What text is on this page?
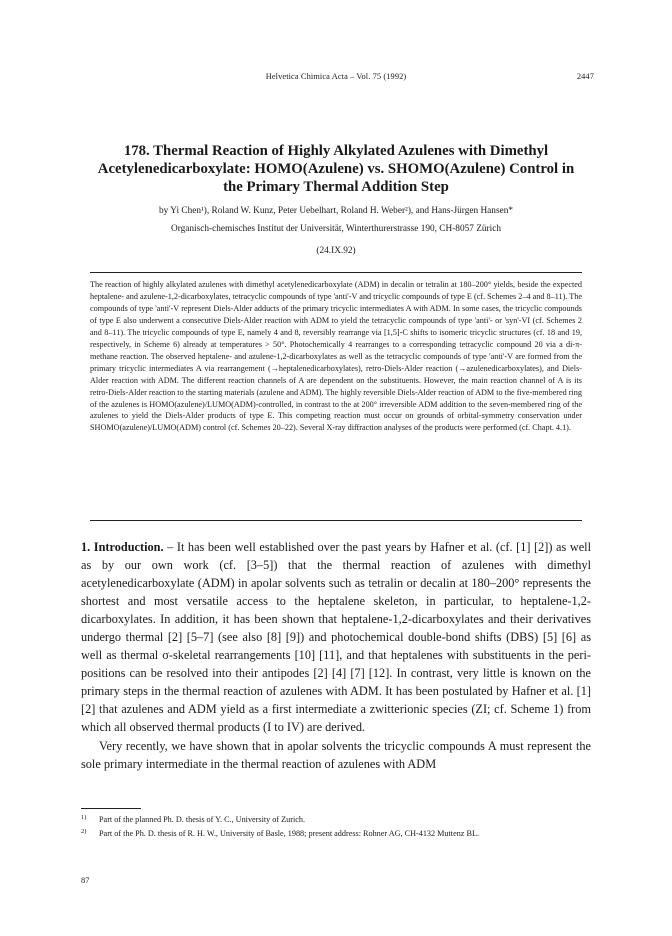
Helvetica Chimica Acta – Vol. 75 (1992)	2447
178. Thermal Reaction of Highly Alkylated Azulenes with Dimethyl
Acetylenedicarboxylate: HOMO(Azulene) vs. SHOMO(Azulene) Control in
the Primary Thermal Addition Step
by Yi Chen¹), Roland W. Kunz, Peter Uebelhart, Roland H. Weber²), and Hans-Jürgen Hansen*
Organisch-chemisches Institut der Universität, Winterthurerstrasse 190, CH-8057 Zürich
(24.IX.92)
The reaction of highly alkylated azulenes with dimethyl acetylenedicarboxylate (ADM) in decalin or tetralin at 180–200° yields, beside the expected heptalene- and azulene-1,2-dicarboxylates, tetracyclic compounds of type 'anti'-V and tricyclic compounds of type E (cf. Schemes 2–4 and 8–11). The compounds of type 'anti'-V represent Diels-Alder adducts of the primary tricyclic intermediates A with ADM. In some cases, the tricyclic compounds of type E also underwent a consecutive Diels-Alder reaction with ADM to yield the tetracyclic compounds of type 'anti'- or 'syn'-VI (cf. Schemes 2 and 8–11). The tricyclic compounds of type E, namely 4 and 8, reversibly rearrange via [1,5]-C shifts to isomeric tricyclic structures (cf. 18 and 19, respectively, in Scheme 6) already at temperatures > 50°. Photochemically 4 rearranges to a corresponding tetracyclic compound 20 via a di-π-methane reaction. The observed heptalene- and azulene-1,2-dicarboxylates as well as the tetracyclic compounds of type 'anti'-V are formed from the primary tricyclic intermediates A via rearrangement (→heptalenedicarboxylates), retro-Diels-Alder reaction (→azulenedicarboxylates), and Diels-Alder reaction with ADM. The different reaction channels of A are dependent on the substituents. However, the main reaction channel of A is its retro-Diels-Alder reaction to the starting materials (azulene and ADM). The highly reversible Diels-Alder reaction of ADM to the five-membered ring of the azulenes is HOMO(azulene)/LUMO(ADM)-controlled, in contrast to the at 200° irreversible ADM addition to the seven-membered ring of the azulenes to yield the Diels-Alder products of type E. This competing reaction must occur on grounds of orbital-symmetry conservation under SHOMO(azulene)/LUMO(ADM) control (cf. Schemes 20–22). Several X-ray diffraction analyses of the products were performed (cf. Chapt. 4.1).

1. Introduction. – It has been well established over the past years by Hafner et al. (cf. [1] [2]) as well as by our own work (cf. [3–5]) that the thermal reaction of azulenes with dimethyl acetylenedicarboxylate (ADM) in apolar solvents such as tetralin or decalin at 180–200° represents the shortest and most versatile access to the heptalene skeleton, in particular, to heptalene-1,2-dicarboxylates. In addition, it has been shown that heptalene-1,2-dicarboxylates and their derivatives undergo thermal [2] [5–7] (see also [8] [9]) and photochemical double-bond shifts (DBS) [5] [6] as well as thermal σ-skeletal rearrangements [10] [11], and that heptalenes with substituents in the peri-positions can be resolved into their antipodes [2] [4] [7] [12]. In contrast, very little is known on the primary steps in the thermal reaction of azulenes with ADM. It has been postulated by Hafner et al. [1] [2] that azulenes and ADM yield as a first intermediate a zwitterionic species (ZI; cf. Scheme 1) from which all observed thermal products (I to IV) are derived.

Very recently, we have shown that in apolar solvents the tricyclic compounds A must represent the sole primary intermediate in the thermal reaction of azulenes with ADM

1) Part of the planned Ph. D. thesis of Y. C., University of Zurich.
2) Part of the Ph. D. thesis of R. H. W., University of Basle, 1988; present address: Rohner AG, CH-4132 Muttenz BL.
87
